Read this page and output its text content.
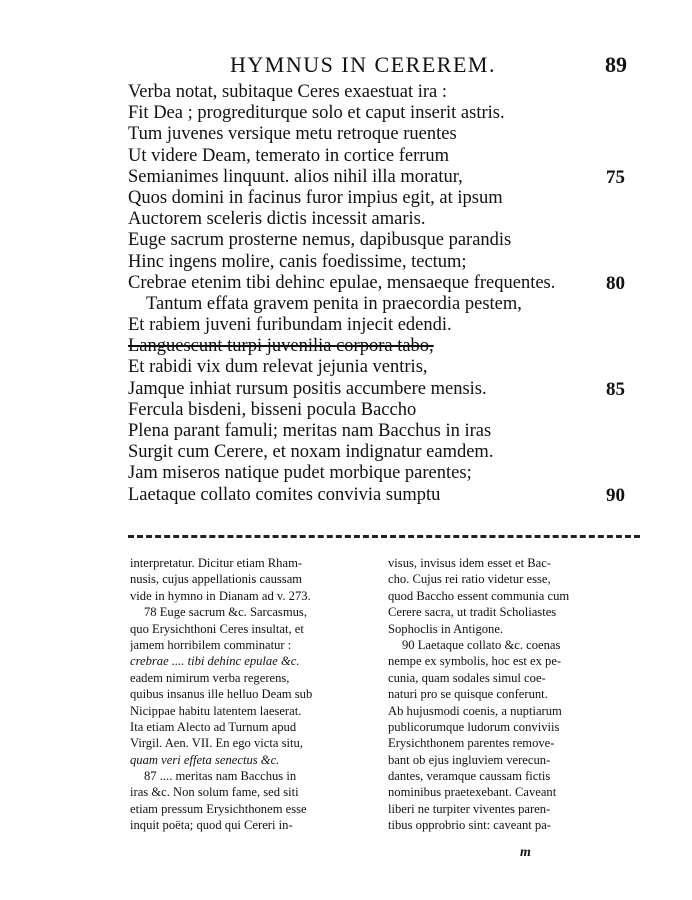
HYMNUS IN CEREREM.	89
Verba notat, subitaque Ceres exaestuat ira :
Fit Dea ; progrediturque solo et caput inserit astris.
Tum juvenes versique metu retroque ruentes
Ut videre Deam, temerato in cortice ferrum
Semianimes linquunt. alios nihil illa moratur,	75
Quos domini in facinus furor impius egit, at ipsum
Auctorem sceleris dictis incessit amaris.
Euge sacrum prosterne nemus, dapibusque parandis
Hinc ingens molire, canis foedissime, tectum;
Crebrae etenim tibi dehinc epulae, mensaeque frequentes.	80
Tantum effata gravem penita in praecordia pestem,
Et rabiem juveni furibundam injecit edendi.
Languescunt turpi juvenilia corpora tabo,
Et rabidi vix dum relevat jejunia ventris,
Jamque inhiat rursum positis accumbere mensis.	85
Fercula bisdeni, bisseni pocula Baccho
Plena parant famuli; meritas nam Bacchus in iras
Surgit cum Cerere, et noxam indignatur eamdem.
Jam miseros natique pudet morbique parentes;
Laetaque collato comites convivia sumptu	90
interpretatur. Dicitur etiam Rham-
nusis, cujus appellationis caussam
vide in hymno in Dianam ad v. 273.
78 Euge sacrum &c. Sarcasmus,
quo Erysichthoni Ceres insultat, et
jamem horribilem comminatur :
crebrae .... tibi dehinc epulae &c.
eadem nimirum verba regerens,
quibus insanus ille helluo Deam sub
Nicippae habitu latentem laeserat.
Ita etiam Alecto ad Turnum apud
Virgil. Aen. VII. En ego victa situ,
quam veri effeta senectus &c.
87 .... meritas nam Bacchus in
iras &c. Non solum fame, sed siti
etiam pressum Erysichthonem esse
inquit poëta; quod qui Cereri in-
visus, invisus idem esset et Bac-
cho. Cujus rei ratio videtur esse,
quod Baccho essent communia cum
Cerere sacra, ut tradit Scholiastes
Sophoclis in Antigone.
90 Laetaque collato &c. coenas
nempe ex symbolis, hoc est ex pe-
cunia, quam sodales simul coe-
naturi pro se quisque conferunt.
Ab hujusmodi coenis, a nuptiarum
publicorumque ludorum conviviis
Erysichthonem parentes remove-
bant ob ejus ingluviem verecun-
dantes, veramque caussam fictis
nominibus praetexebant. Caveant
liberi ne turpiter viventes paren-
tibus opprobrio sint: caveant pa-
m
